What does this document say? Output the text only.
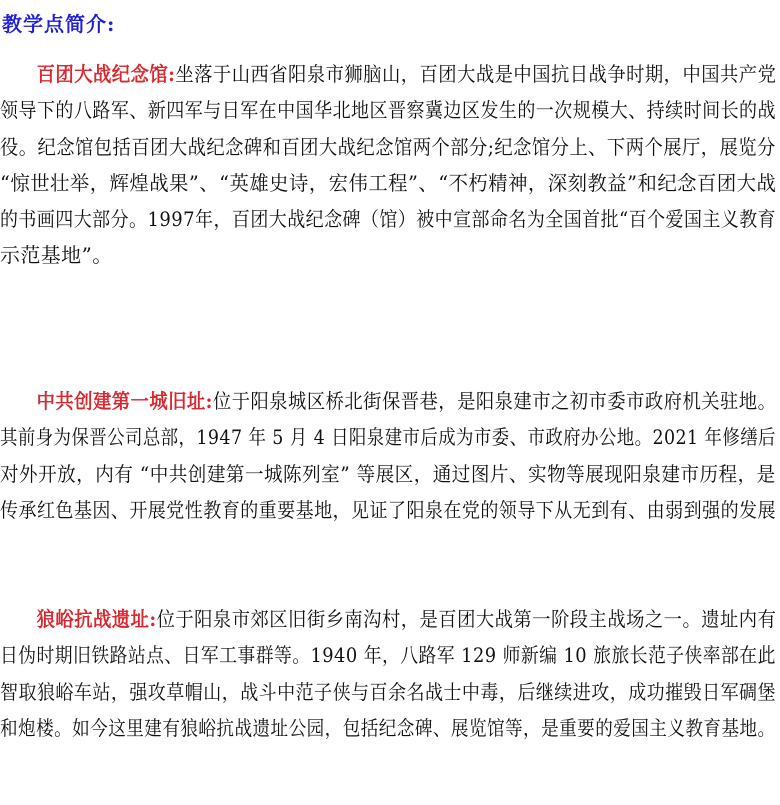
教学点简介:
百团大战纪念馆:坐落于山西省阳泉市狮脑山，百团大战是中国抗日战争时期，中国共产党
领导下的八路军、新四军与日军在中国华北地区晋察冀边区发生的一次规模大、持续时间长的战
役。纪念馆包括百团大战纪念碑和百团大战纪念馆两个部分;纪念馆分上、下两个展厅，展览分
“惊世壮举，辉煌战果”、“英雄史诗，宏伟工程”、“不朽精神，深刻教益”和纪念百团大战
的书画四大部分。1997年，百团大战纪念碑（馆）被中宣部命名为全国首批“百个爱国主义教育
示范基地”。
中共创建第一城旧址:位于阳泉城区桥北街保晋巷，是阳泉建市之初市委市政府机关驻地。
其前身为保晋公司总部，1947 年 5 月 4 日阳泉建市后成为市委、市政府办公地。2021 年修缮后
对外开放，内有 “中共创建第一城陈列室” 等展区，通过图片、实物等展现阳泉建市历程，是
传承红色基因、开展党性教育的重要基地，见证了阳泉在党的领导下从无到有、由弱到强的发展
狼峪抗战遗址:位于阳泉市郊区旧街乡南沟村，是百团大战第一阶段主战场之一。遗址内有
日伪时期旧铁路站点、日军工事群等。1940 年，八路军 129 师新编 10 旅旅长范子侠率部在此
智取狼峪车站，强攻草帽山，战斗中范子侠与百余名战士中毒，后继续进攻，成功摧毁日军碉堡
和炮楼。如今这里建有狼峪抗战遗址公园，包括纪念碑、展览馆等，是重要的爱国主义教育基地。
